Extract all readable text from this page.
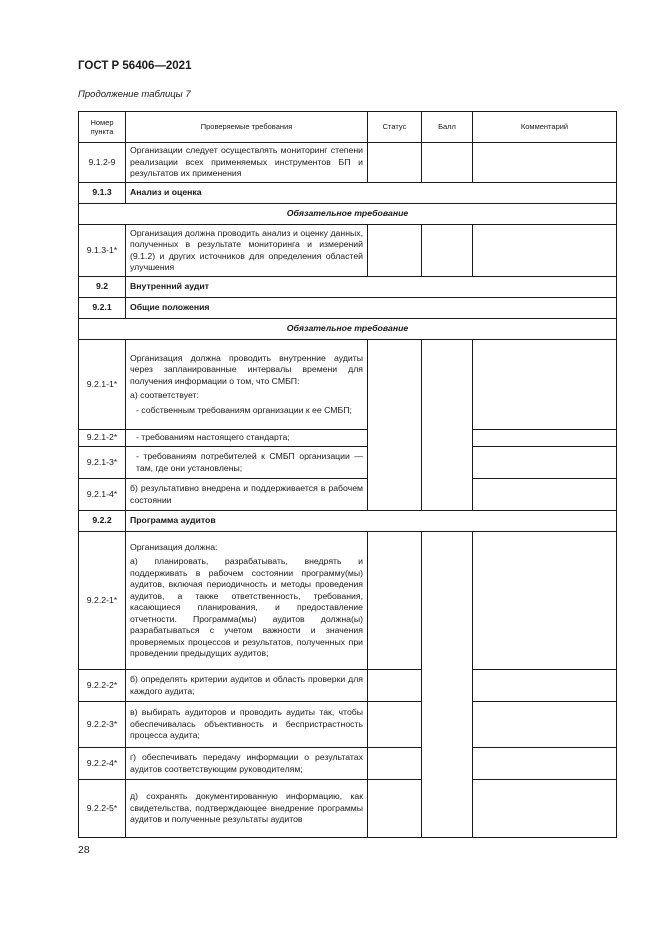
ГОСТ Р 56406—2021
Продолжение таблицы 7
Номер пункта	Проверяемые требования	Статус	Балл	Комментарий
9.1.2-9	Организации следует осуществлять мониторинг степени реализации всех применяемых инструментов БП и результатов их применения			

9.1.3	Анализ и оценка			
Обязательное требование				
9.1.3-1*	Организация должна проводить анализ и оценку данных, полученных в результате мониторинга и измерений (9.1.2) и других источников для определения областей улучшения			

9.2	Внутренний аудит			
9.2.1	Общие положения			
Обязательное требование				
9.2.1-1*	Организация должна проводить внутренние аудиты через запланированные интервалы времени для получения информации о том, что СМБП:
а) соответствует:
- собственным требованиям организации к ее СМБП;			

9.2.1-2*	- требованиям настоящего стандарта;			

9.2.1-3*	- требованиям потребителей к СМБП организации — там, где они установлены;			

9.2.1-4*	б) результативно внедрена и поддерживается в рабочем состоянии			

9.2.2	Программа аудитов			
9.2.2-1*	Организация должна:
а) планировать, разрабатывать, внедрять и поддерживать в рабочем состоянии программу(мы) аудитов, включая периодичность и методы проведения аудитов, а также ответственность, требования, касающиеся планирования, и предоставление отчетности. Программа(мы) аудитов должна(ы) разрабатываться с учетом важности и значения проверяемых процессов и результатов, полученных при проведении предыдущих аудитов;			

9.2.2-2*	б) определять критерии аудитов и область проверки для каждого аудита;			

9.2.2-3*	в) выбирать аудиторов и проводить аудиты так, чтобы обеспечивалась объективность и беспристрастность процесса аудита;			

9.2.2-4*	г) обеспечивать передачу информации о результатах аудитов соответствующим руководителям;			

9.2.2-5*	д) сохранять документированную информацию, как свидетельства, подтверждающее внедрение программы аудитов и полученные результаты аудитов			

28
